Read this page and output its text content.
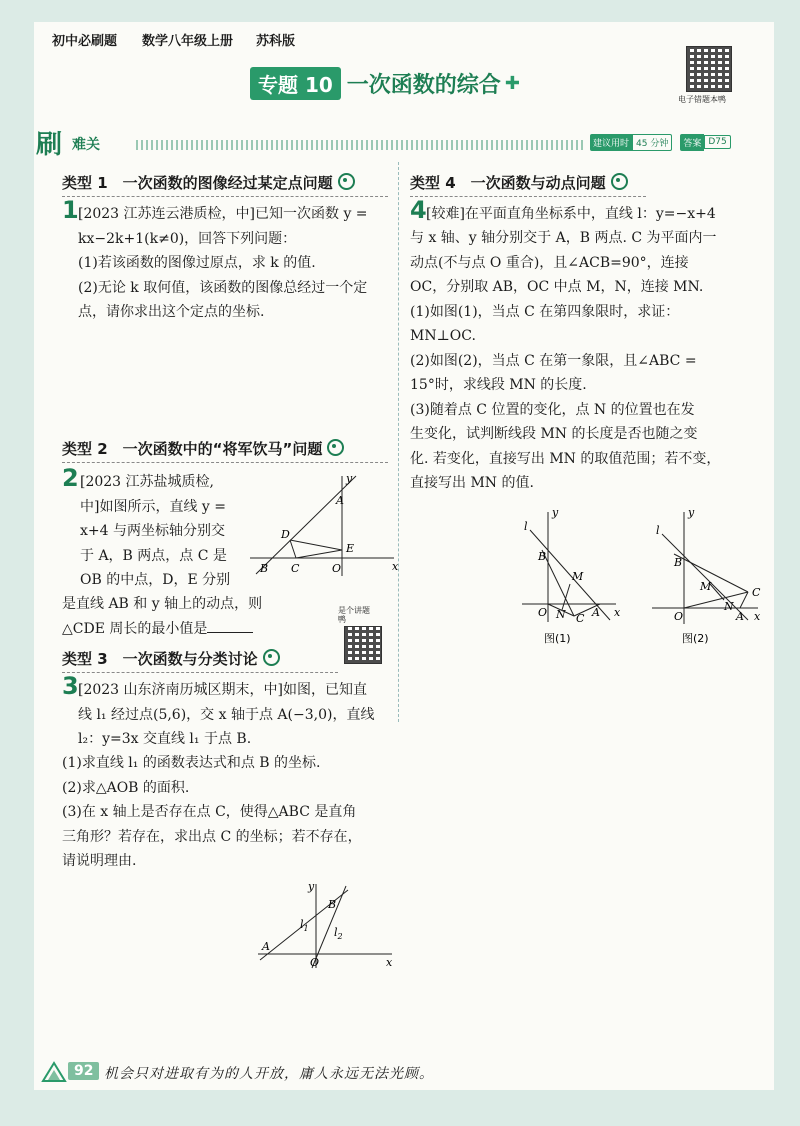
初中必刷题 数学八年级上册 苏科版
专题 10 一次函数的综合 ✚
电子错题本鸭
刷 难关	建议用时 45 分钟	答案 D75
类型 1　一次函数的图像经过某定点问题
1 [2023 江苏连云港质检，中]已知一次函数 y =
kx−2k+1(k≠0)，回答下列问题：
(1)若该函数的图像过原点，求 k 的值.
(2)无论 k 取何值，该函数的图像总经过一个定
点，请你求出这个定点的坐标.
类型 2　一次函数中的“将军饮马”问题
2 [2023 江苏盐城质检,
中]如图所示，直线 y =
x+4 与两坐标轴分别交
于 A，B 两点，点 C 是
OB 的中点，D，E 分别
是直线 AB 和 y 轴上的动点，则
△CDE 周长的最小值是
x
y
A
B C
D
E
O
是个讲题鸭
类型 3　一次函数与分类讨论
3 [2023 山东济南历城区期末，中]如图，已知直
线 l₁ 经过点(5,6)，交 x 轴于点 A(−3,0)，直线
l₂：y=3x 交直线 l₁ 于点 B.
(1)求直线 l₁ 的函数表达式和点 B 的坐标.
(2)求△AOB 的面积.
(3)在 x 轴上是否存在点 C，使得△ABC 是直角
三角形？若存在，求出点 C 的坐标；若不存在，
请说明理由.
x
y
A
B
O
$l_1$ $l_2$
类型 4　一次函数与动点问题
4 [较难]在平面直角坐标系中，直线 l：y=−x+4
与 x 轴、y 轴分别交于 A，B 两点. C 为平面内一
动点(不与点 O 重合)，且∠ACB=90°，连接
OC，分别取 AB，OC 中点 M，N，连接 MN.
(1)如图(1)，当点 C 在第四象限时，求证：
MN⊥OC.
(2)如图(2)，当点 C 在第一象限，且∠ABC =
15°时，求线段 MN 的长度.
(3)随着点 C 位置的变化，点 N 的位置也在发
生变化，试判断线段 MN 的长度是否也随之变
化. 若变化，直接写出 MN 的取值范围；若不变，
直接写出 MN 的值.
x
y
l
B
M
O N C A
图(1)
x
y
l
B
M
O
N
C
A
图(2)
92 机会只对进取有为的人开放，庸人永远无法光顾。
